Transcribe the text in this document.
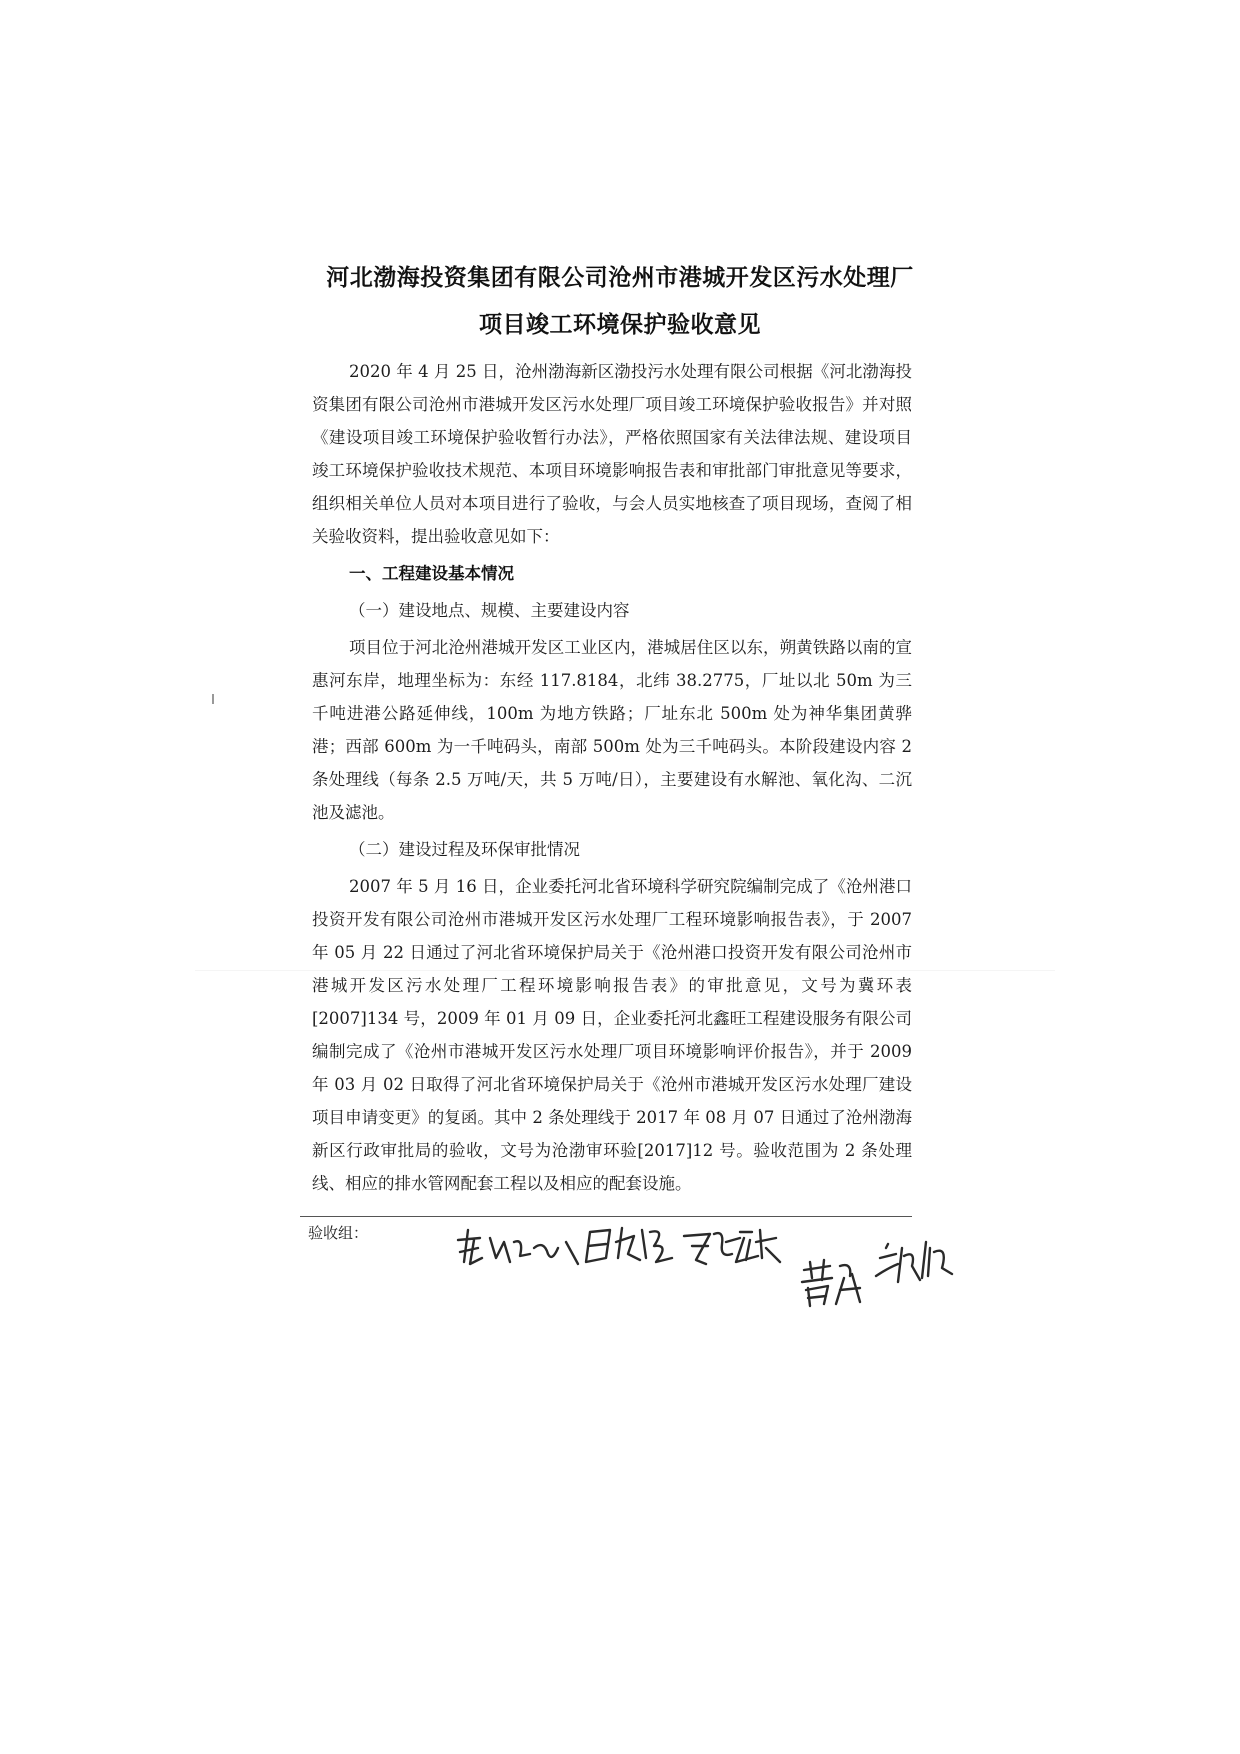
河北渤海投资集团有限公司沧州市港城开发区污水处理厂
项目竣工环境保护验收意见

2020 年 4 月 25 日，沧州渤海新区渤投污水处理有限公司根据《河北渤海投资集团有限公司沧州市港城开发区污水处理厂项目竣工环境保护验收报告》并对照《建设项目竣工环境保护验收暂行办法》，严格依照国家有关法律法规、建设项目竣工环境保护验收技术规范、本项目环境影响报告表和审批部门审批意见等要求，组织相关单位人员对本项目进行了验收，与会人员实地核查了项目现场，查阅了相关验收资料，提出验收意见如下：

一、工程建设基本情况

（一）建设地点、规模、主要建设内容

项目位于河北沧州港城开发区工业区内，港城居住区以东，朔黄铁路以南的宣惠河东岸，地理坐标为：东经 117.8184，北纬 38.2775，厂址以北 50m 为三千吨进港公路延伸线，100m 为地方铁路；厂址东北 500m 处为神华集团黄骅港；西部 600m 为一千吨码头，南部 500m 处为三千吨码头。本阶段建设内容 2 条处理线（每条 2.5 万吨/天，共 5 万吨/日），主要建设有水解池、氧化沟、二沉池及滤池。

（二）建设过程及环保审批情况

2007 年 5 月 16 日，企业委托河北省环境科学研究院编制完成了《沧州港口投资开发有限公司沧州市港城开发区污水处理厂工程环境影响报告表》，于 2007 年 05 月 22 日通过了河北省环境保护局关于《沧州港口投资开发有限公司沧州市港城开发区污水处理厂工程环境影响报告表》的审批意见，文号为冀环表[2007]134 号，2009 年 01 月 09 日，企业委托河北鑫旺工程建设服务有限公司编制完成了《沧州市港城开发区污水处理厂项目环境影响评价报告》，并于 2009 年 03 月 02 日取得了河北省环境保护局关于《沧州市港城开发区污水处理厂建设项目申请变更》的复函。其中 2 条处理线于 2017 年 08 月 07 日通过了沧州渤海新区行政审批局的验收，文号为沧渤审环验[2017]12 号。验收范围为 2 条处理线、相应的排水管网配套工程以及相应的配套设施。

验收组：
